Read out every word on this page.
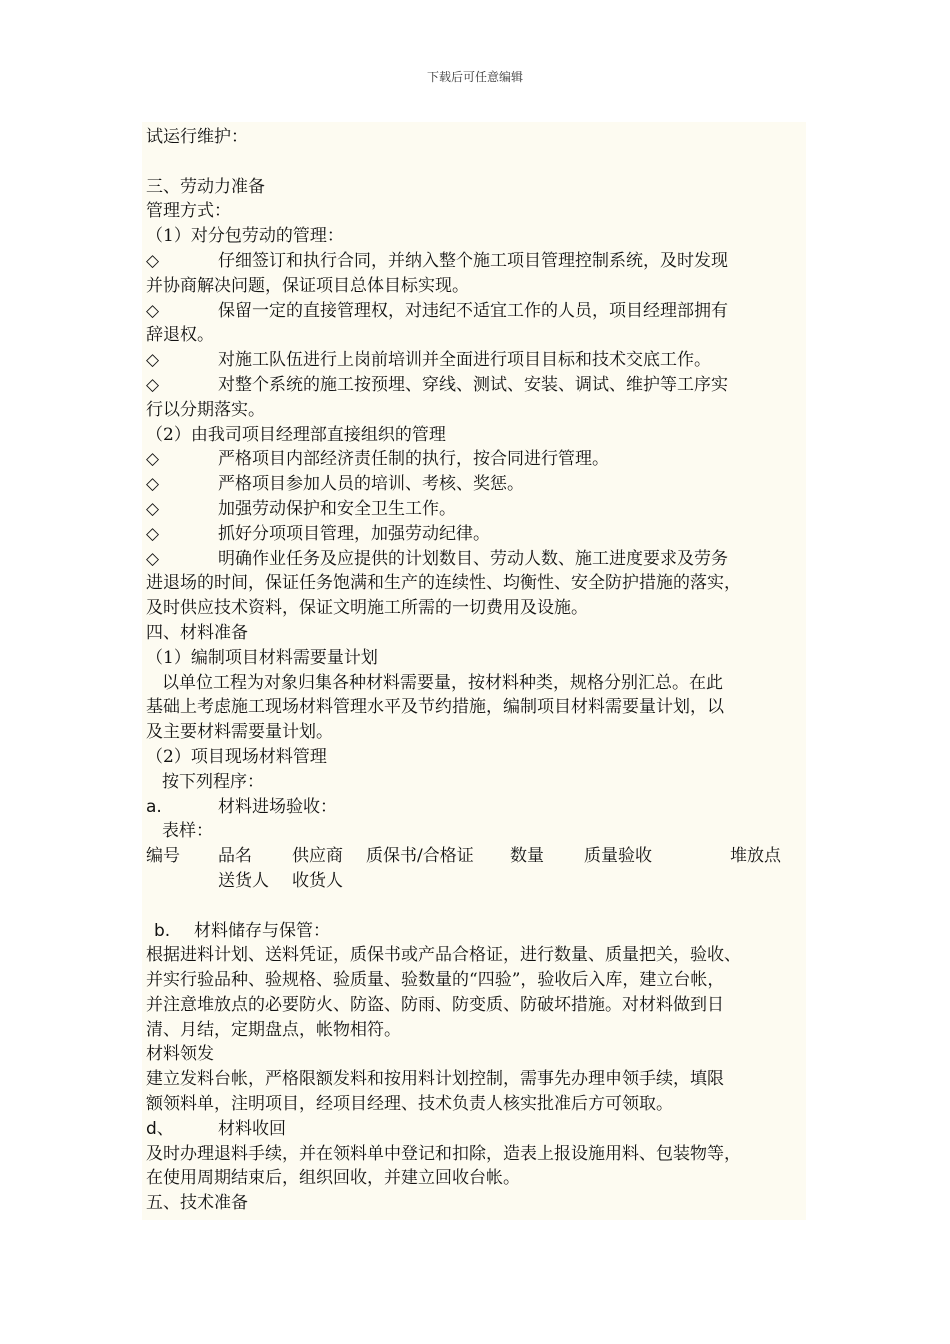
下载后可任意编辑
试运行维护：
三、劳动力准备
管理方式：
（1）对分包劳动的管理：
◇	仔细签订和执行合同，并纳入整个施工项目管理控制系统，及时发现
并协商解决问题，保证项目总体目标实现。
◇	保留一定的直接管理权，对违纪不适宜工作的人员，项目经理部拥有
辞退权。
◇	对施工队伍进行上岗前培训并全面进行项目目标和技术交底工作。
◇	对整个系统的施工按预埋、穿线、测试、安装、调试、维护等工序实
行以分期落实。
（2）由我司项目经理部直接组织的管理
◇	严格项目内部经济责任制的执行，按合同进行管理。
◇	严格项目参加人员的培训、考核、奖惩。
◇	加强劳动保护和安全卫生工作。
◇	抓好分项项目管理，加强劳动纪律。
◇	明确作业任务及应提供的计划数目、劳动人数、施工进度要求及劳务
进退场的时间，保证任务饱满和生产的连续性、均衡性、安全防护措施的落实，
及时供应技术资料，保证文明施工所需的一切费用及设施。
四、材料准备
（1）编制项目材料需要量计划
以单位工程为对象归集各种材料需要量，按材料种类，规格分别汇总。在此
基础上考虑施工现场材料管理水平及节约措施，编制项目材料需要量计划，以
及主要材料需要量计划。
（2）项目现场材料管理
按下列程序：
a.	材料进场验收：
表样：
编号 品名 供应商 质保书/合格证 数量 质量验收	堆放点
送货人 收货人
b.	材料储存与保管：
根据进料计划、送料凭证，质保书或产品合格证，进行数量、质量把关，验收、
并实行验品种、验规格、验质量、验数量的“四验”，验收后入库，建立台帐，
并注意堆放点的必要防火、防盗、防雨、防变质、防破坏措施。对材料做到日
清、月结，定期盘点，帐物相符。
材料领发
建立发料台帐，严格限额发料和按用料计划控制，需事先办理申领手续，填限
额领料单，注明项目，经项目经理、技术负责人核实批准后方可领取。
d、	材料收回
及时办理退料手续，并在领料单中登记和扣除，造表上报设施用料、包装物等，
在使用周期结束后，组织回收，并建立回收台帐。
五、技术准备
